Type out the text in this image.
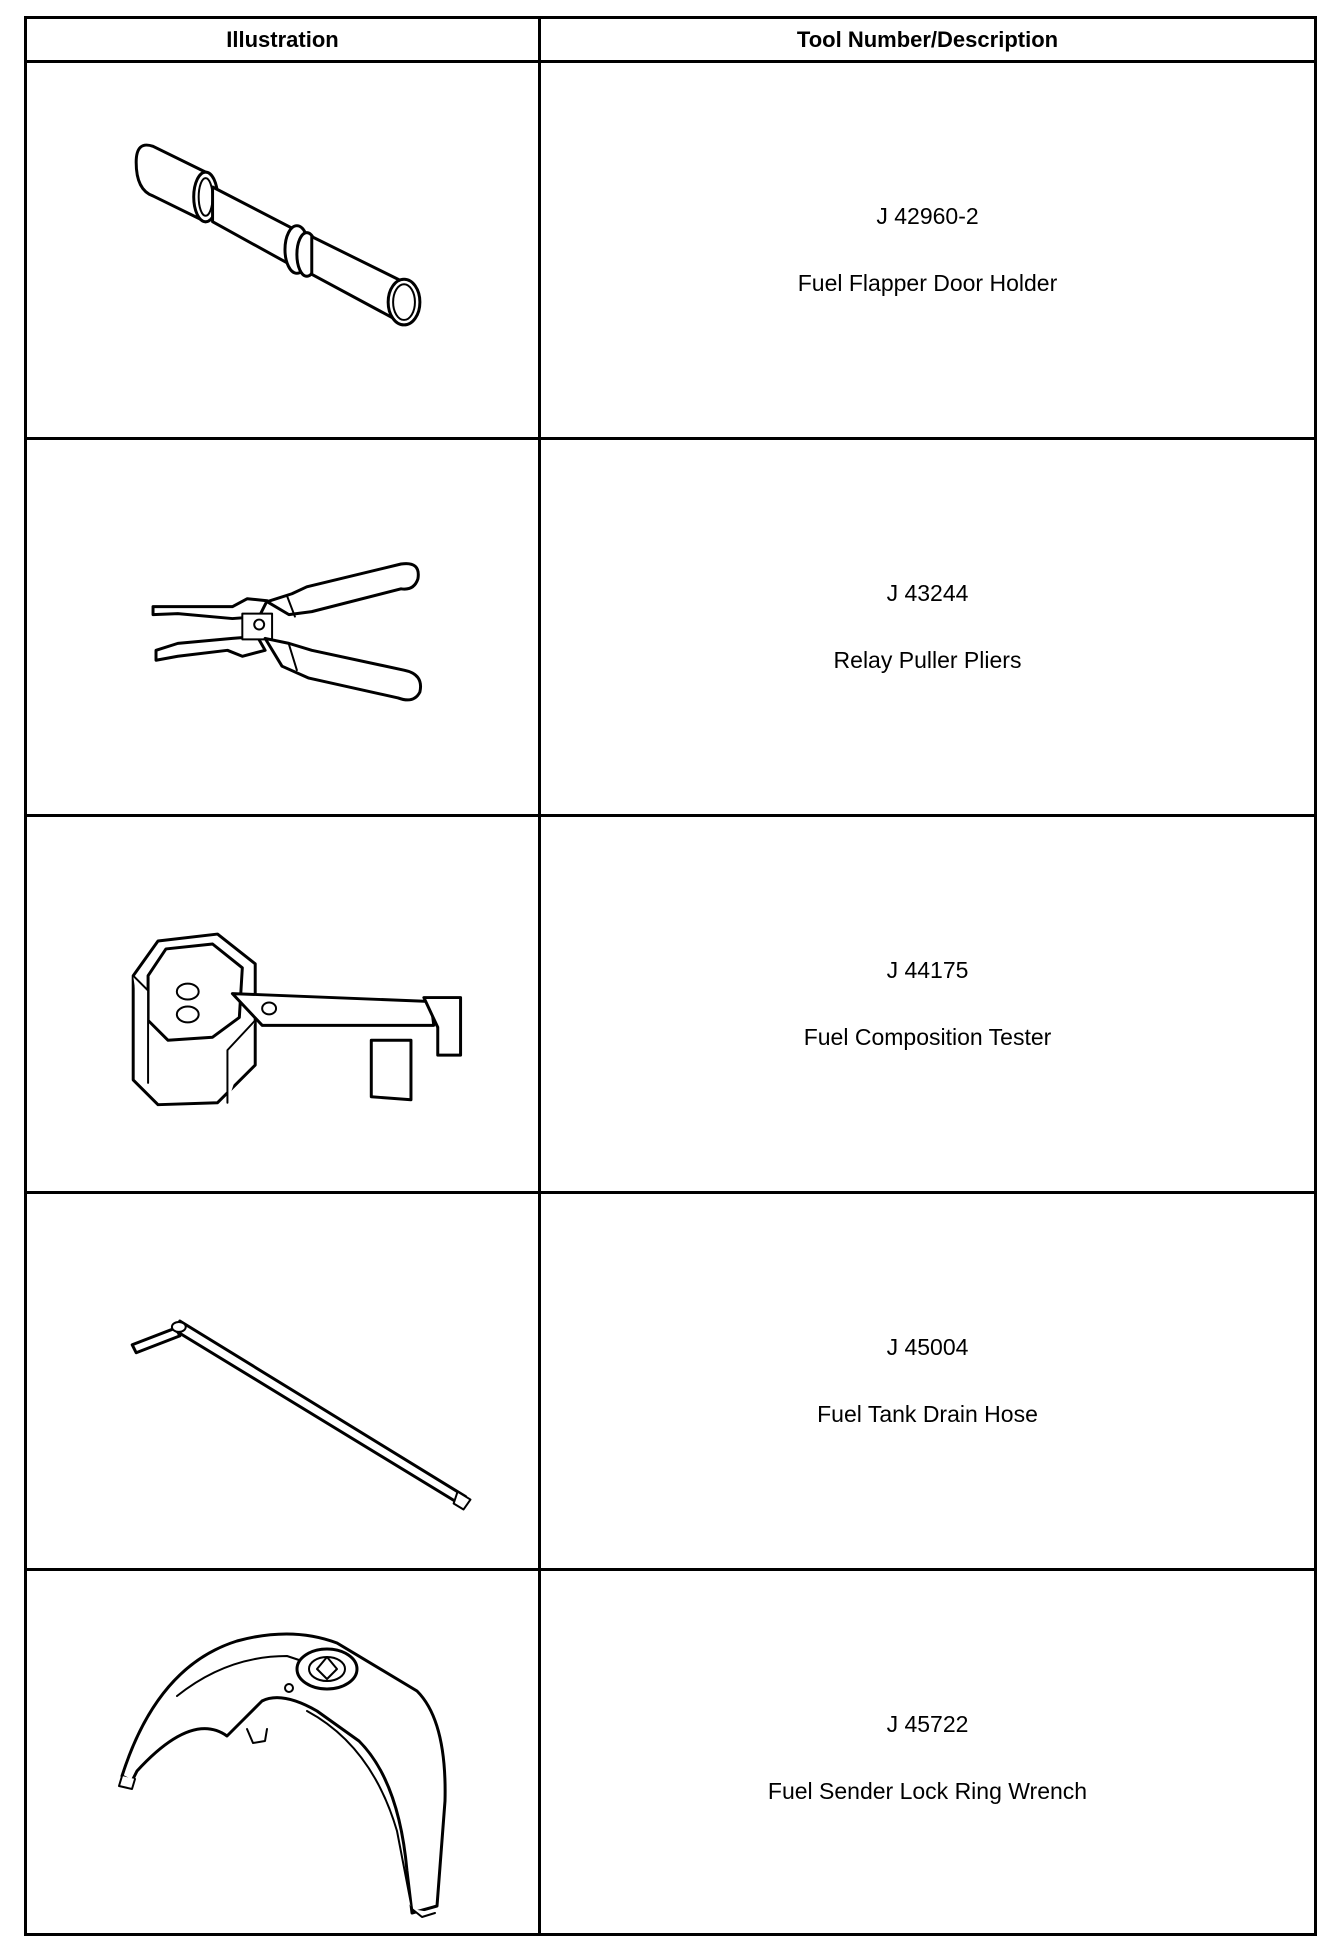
Illustration	Tool Number/Description
J 42960-2
Fuel Flapper Door Holder
J 43244
Relay Puller Pliers
J 44175
Fuel Composition Tester
J 45004
Fuel Tank Drain Hose
J 45722
Fuel Sender Lock Ring Wrench
